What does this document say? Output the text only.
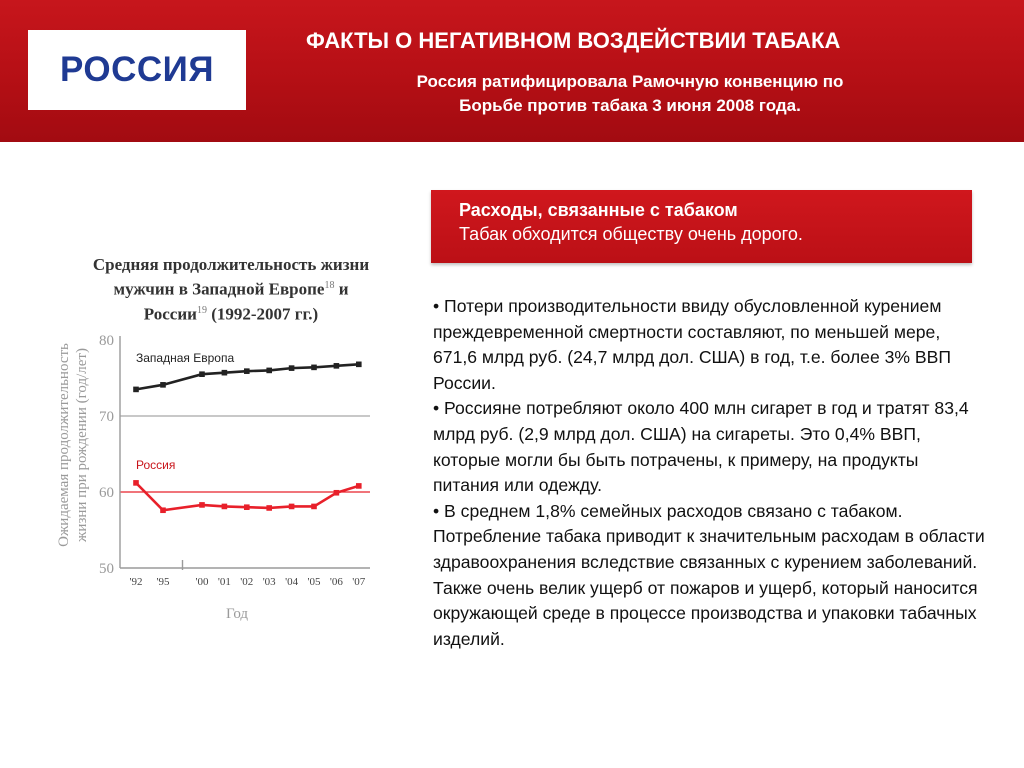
РОССИЯ
ФАКТЫ О НЕГАТИВНОМ ВОЗДЕЙСТВИИ ТАБАКА
Россия ратифицировала Рамочную конвенцию по
Борьбе против табака 3 июня 2008 года.
Средняя продолжительность жизни
мужчин в Западной Европе$^{18}$ и
России$^{19}$ (1992-2007 гг.)
Ожидаемая продолжительность жизни при рождении (год/лет)
50
60
70
80
'92 '95 '00 '01 '02 '03 '04 '05 '06 '07
Западная Европа
Россия
Год
Расходы, связанные с табаком
Табак обходится обществу очень дорого.
• Потери производительности ввиду обусловленной курением преждевременной смертности составляют, по меньшей мере, 671,6 млрд руб. (24,7 млрд дол. США) в год, т.е. более 3% ВВП России.
• Россияне потребляют около 400 млн сигарет в год и тратят 83,4 млрд руб. (2,9 млрд дол. США) на сигареты. Это 0,4% ВВП, которые могли бы быть потрачены, к примеру, на продукты питания или одежду.
• В среднем 1,8% семейных расходов связано с табаком. Потребление табака приводит к значительным расходам в области здравоохранения вследствие связанных с курением заболеваний. Также очень велик ущерб от пожаров и ущерб, который наносится окружающей среде в процессе производства и упаковки табачных изделий.
